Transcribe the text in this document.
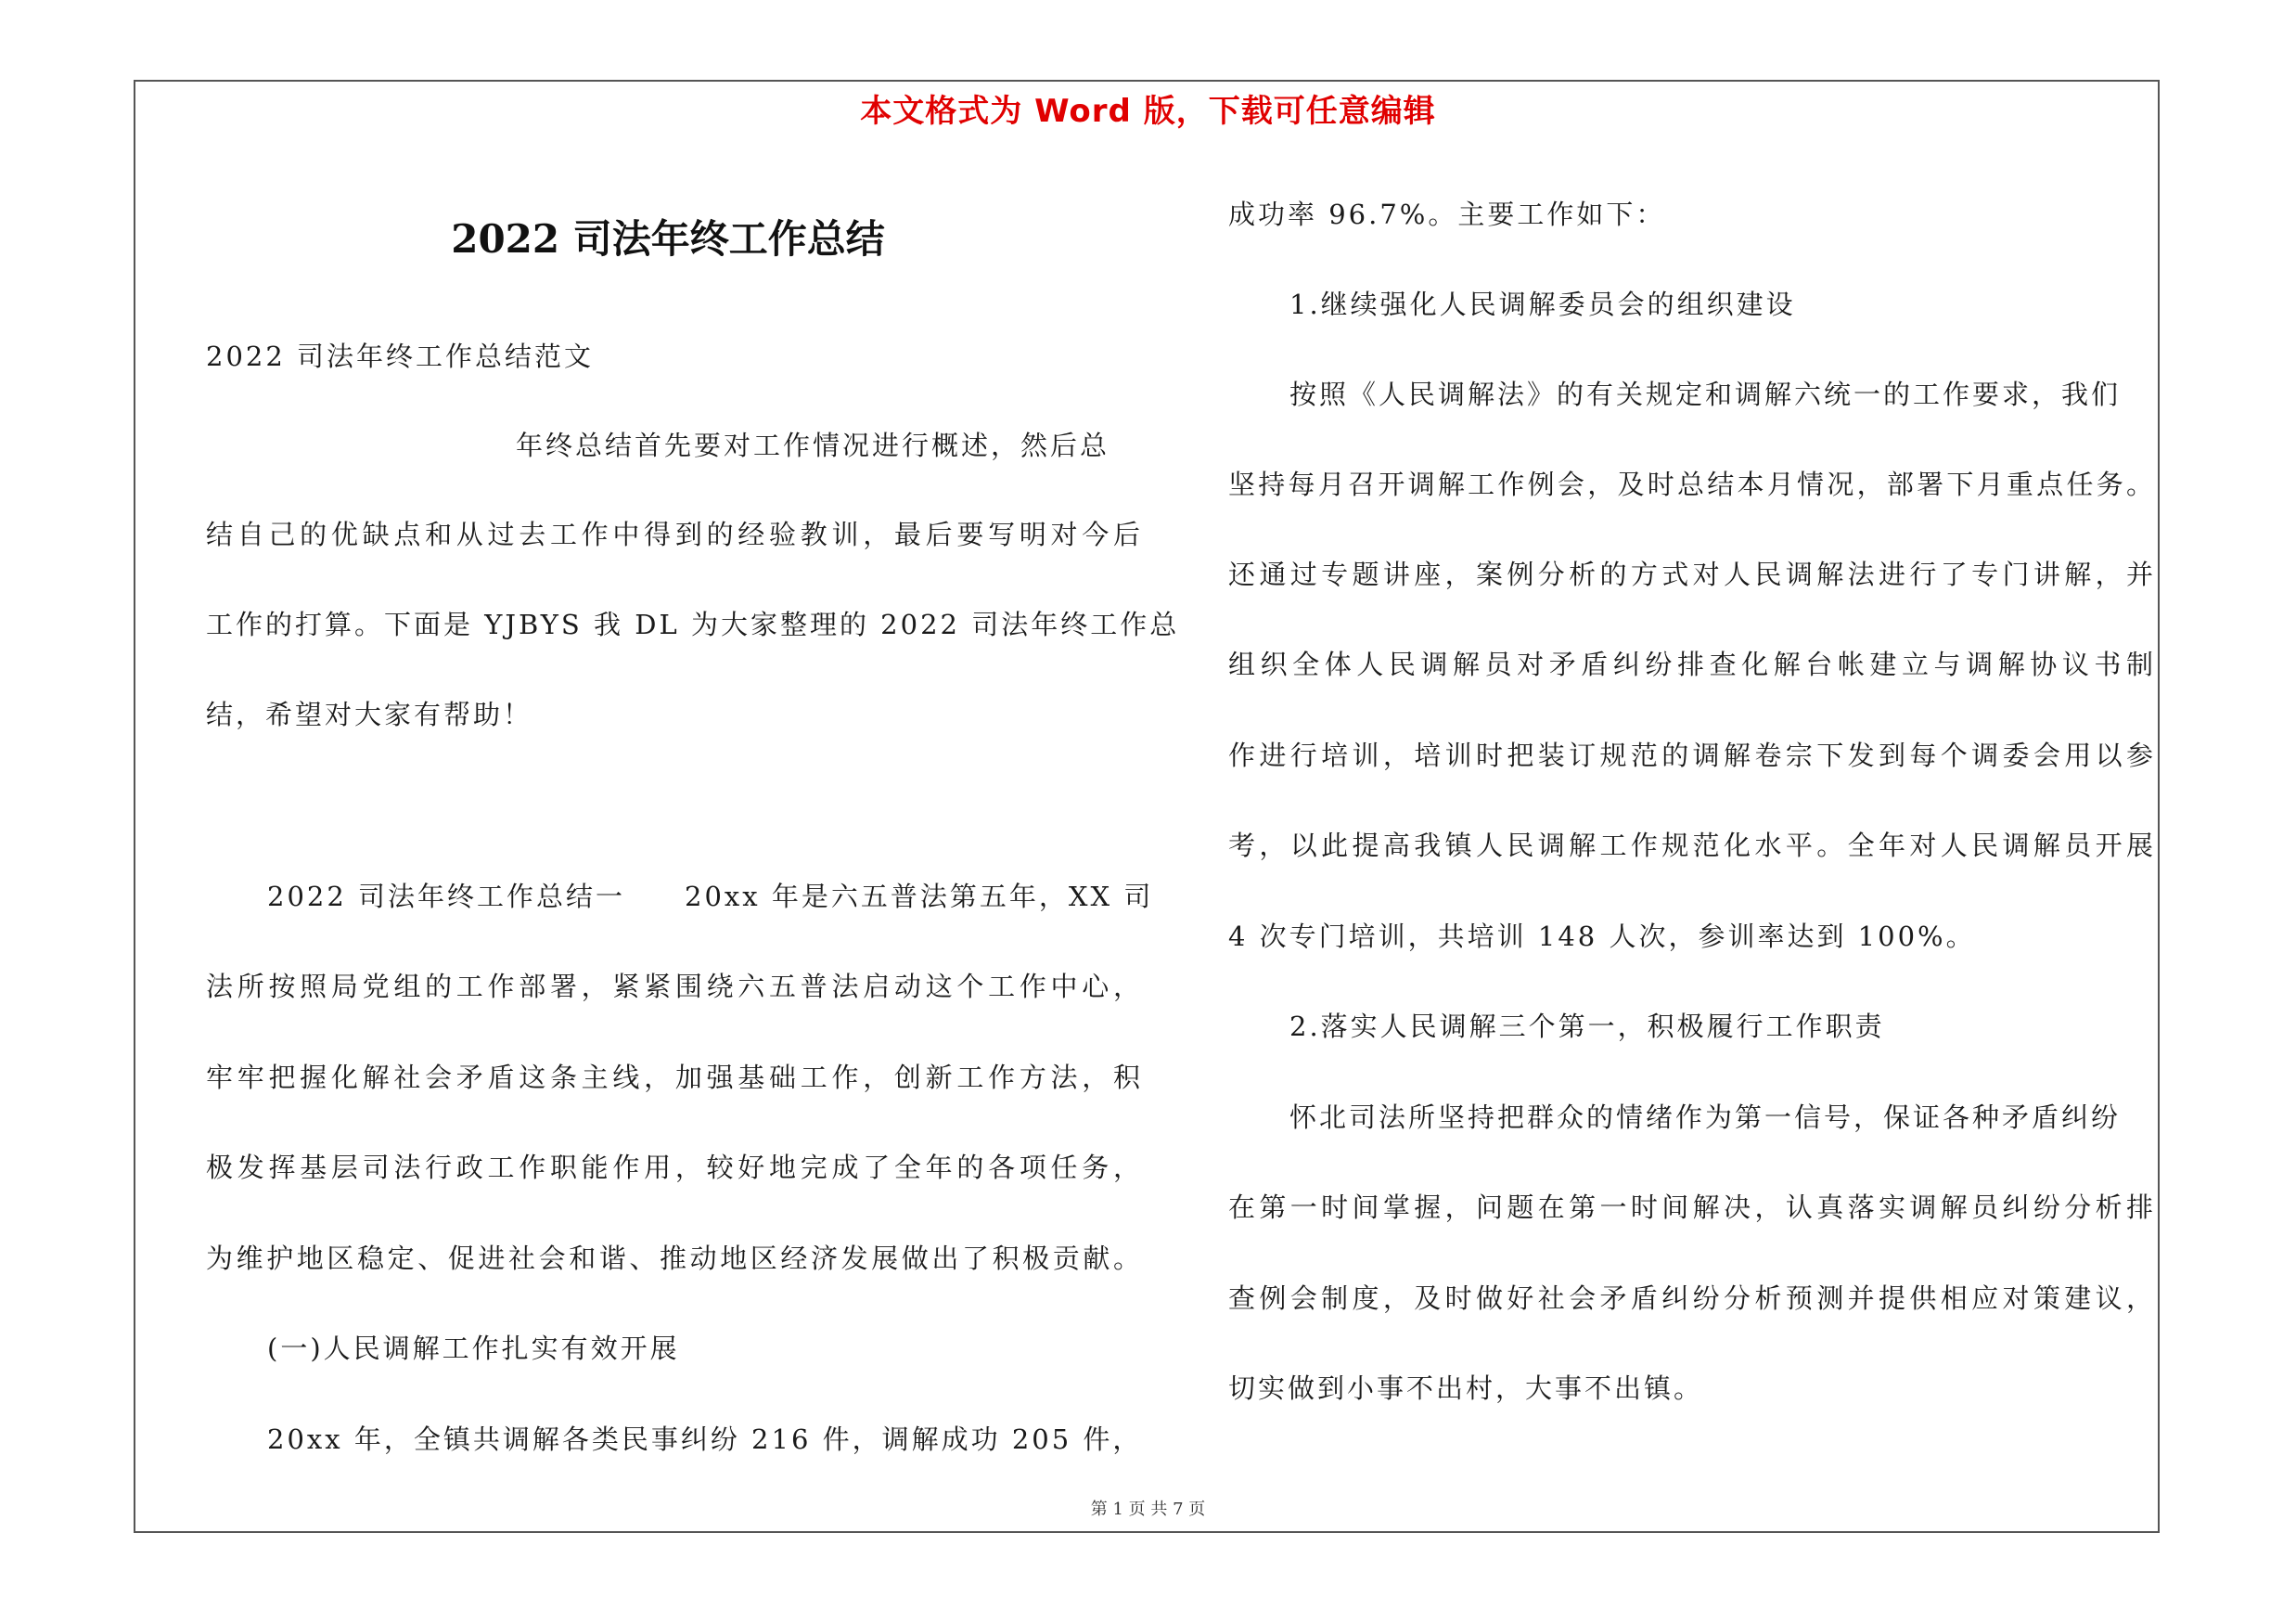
本文格式为 Word 版，下载可任意编辑
2022 司法年终工作总结
2022 司法年终工作总结范文
年终总结首先要对工作情况进行概述，然后总
结自己的优缺点和从过去工作中得到的经验教训，最后要写明对今后
工作的打算。下面是 YJBYS 我 DL 为大家整理的 2022 司法年终工作总
结，希望对大家有帮助！
2022 司法年终工作总结一　　20xx 年是六五普法第五年，XX 司
法所按照局党组的工作部署，紧紧围绕六五普法启动这个工作中心，
牢牢把握化解社会矛盾这条主线，加强基础工作，创新工作方法，积
极发挥基层司法行政工作职能作用，较好地完成了全年的各项任务，
为维护地区稳定、促进社会和谐、推动地区经济发展做出了积极贡献。
(一)人民调解工作扎实有效开展
20xx 年，全镇共调解各类民事纠纷 216 件，调解成功 205 件，
成功率 96.7%。主要工作如下：
1.继续强化人民调解委员会的组织建设
按照《人民调解法》的有关规定和调解六统一的工作要求，我们
坚持每月召开调解工作例会，及时总结本月情况，部署下月重点任务。
还通过专题讲座，案例分析的方式对人民调解法进行了专门讲解，并
组织全体人民调解员对矛盾纠纷排查化解台帐建立与调解协议书制
作进行培训，培训时把装订规范的调解卷宗下发到每个调委会用以参
考，以此提高我镇人民调解工作规范化水平。全年对人民调解员开展
4 次专门培训，共培训 148 人次，参训率达到 100%。
2.落实人民调解三个第一，积极履行工作职责
怀北司法所坚持把群众的情绪作为第一信号，保证各种矛盾纠纷
在第一时间掌握，问题在第一时间解决，认真落实调解员纠纷分析排
查例会制度，及时做好社会矛盾纠纷分析预测并提供相应对策建议，
切实做到小事不出村，大事不出镇。
第 1 页 共 7 页
